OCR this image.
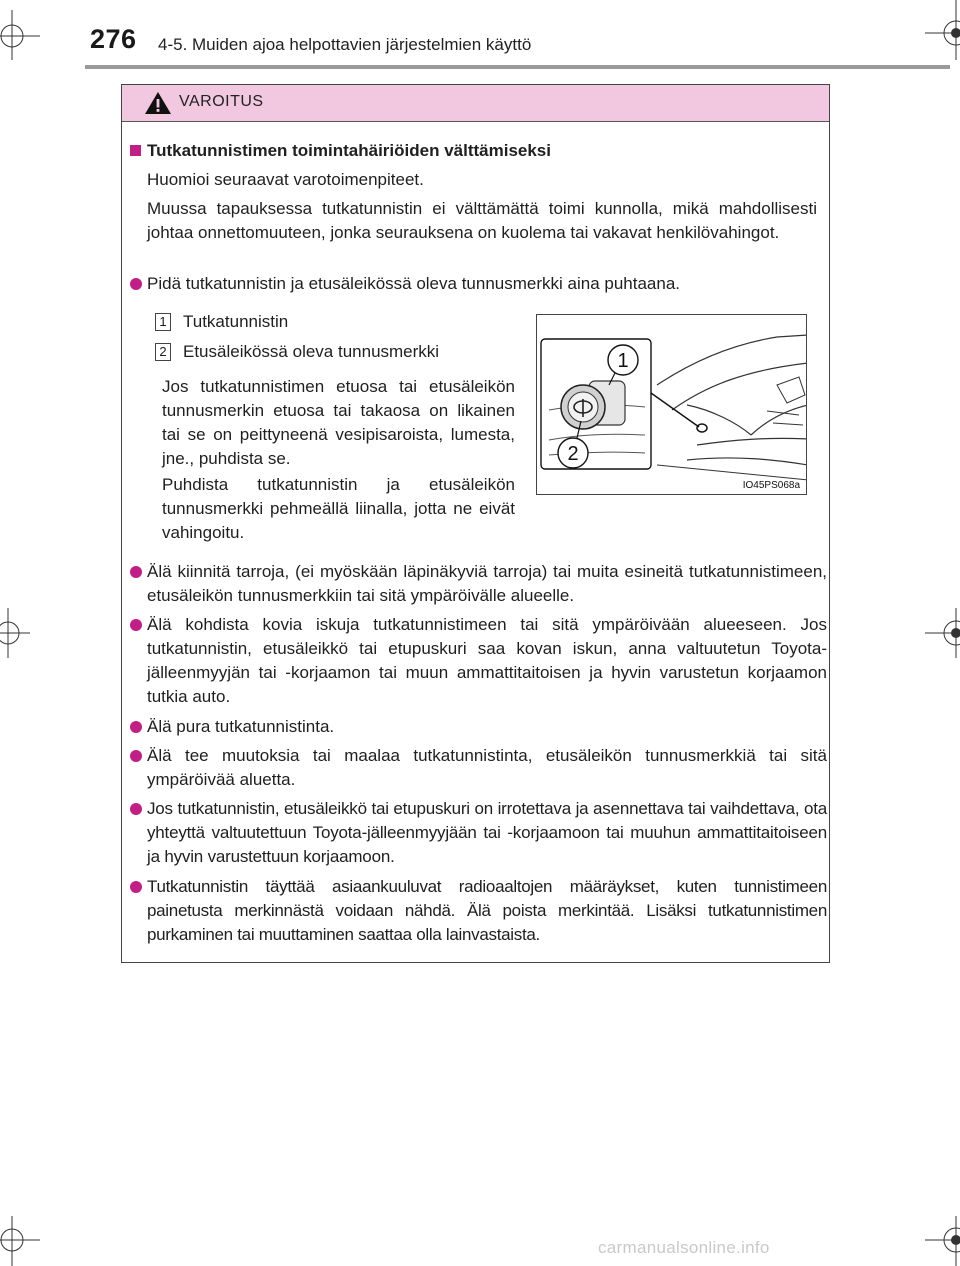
276 4-5. Muiden ajoa helpottavien järjestelmien käyttö
VAROITUS
Tutkatunnistimen toimintahäiriöiden välttämiseksi
Huomioi seuraavat varotoimenpiteet.
Muussa tapauksessa tutkatunnistin ei välttämättä toimi kunnolla, mikä mahdollisesti johtaa onnettomuuteen, jonka seurauksena on kuolema tai vakavat henkilövahingot.
Pidä tutkatunnistin ja etusäleikössä oleva tunnusmerkki aina puhtaana.
1 Tutkatunnistin
2 Etusäleikössä oleva tunnusmerkki
Jos tutkatunnistimen etuosa tai etusäleikön tunnusmerkin etuosa tai takaosa on likainen tai se on peittyneenä vesipisaroista, lumesta, jne., puhdista se.
Puhdista tutkatunnistin ja etusäleikön tunnusmerkki pehmeällä liinalla, jotta ne eivät vahingoitu.
1
2
IO45PS068a
Älä kiinnitä tarroja, (ei myöskään läpinäkyviä tarroja) tai muita esineitä tutkatunnistimeen, etusäleikön tunnusmerkkiin tai sitä ympäröivälle alueelle.
Älä kohdista kovia iskuja tutkatunnistimeen tai sitä ympäröivään alueeseen. Jos tutkatunnistin, etusäleikkö tai etupuskuri saa kovan iskun, anna valtuutetun Toyota-jälleenmyyjän tai -korjaamon tai muun ammattitaitoisen ja hyvin varustetun korjaamon tutkia auto.
Älä pura tutkatunnistinta.
Älä tee muutoksia tai maalaa tutkatunnistinta, etusäleikön tunnusmerkkiä tai sitä ympäröivää aluetta.
Jos tutkatunnistin, etusäleikkö tai etupuskuri on irrotettava ja asennettava tai vaihdettava, ota yhteyttä valtuutettuun Toyota-jälleenmyyjään tai -korjaamoon tai muuhun ammattitaitoiseen ja hyvin varustettuun korjaamoon.
Tutkatunnistin täyttää asiaankuuluvat radioaaltojen määräykset, kuten tunnistimeen painetusta merkinnästä voidaan nähdä. Älä poista merkintää. Lisäksi tutkatunnistimen purkaminen tai muuttaminen saattaa olla lainvastaista.
carmanualsonline.info
